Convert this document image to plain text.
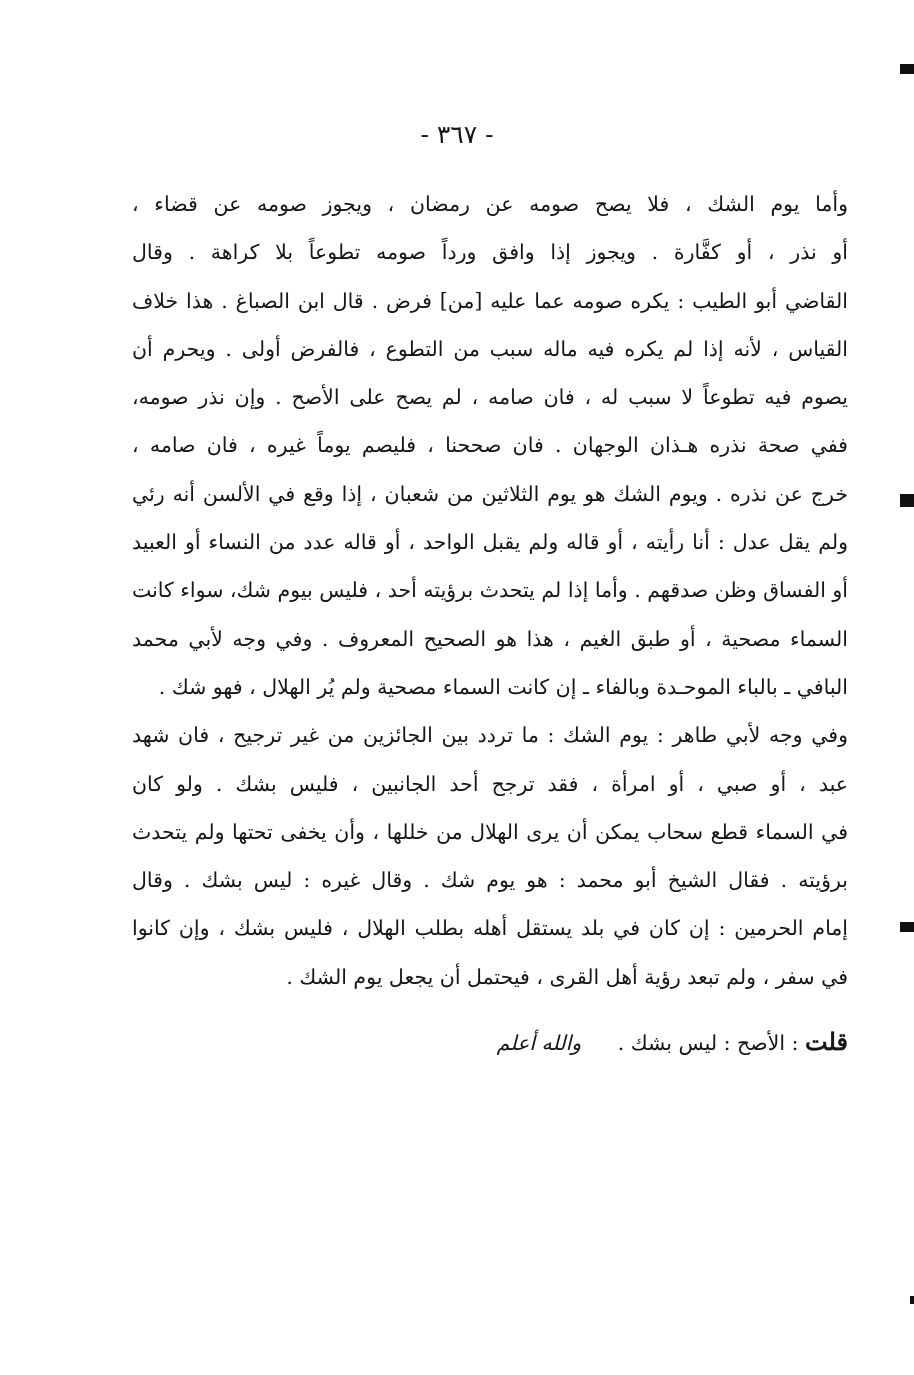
- ٣٦٧ -
وأما يوم الشك ، فلا يصح صومه عن رمضان ، ويجوز صومه عن قضاء ،
أو نذر ، أو كفَّارة . ويجوز إذا وافق ورداً صومه تطوعاً بلا كراهة . وقال
القاضي أبو الطيب : يكره صومه عما عليه [من] فرض . قال ابن الصباغ . هذا خلاف
القياس ، لأنه إذا لم يكره فيه ماله سبب من التطوع ، فالفرض أولى . ويحرم أن
يصوم فيه تطوعاً لا سبب له ، فان صامه ، لم يصح على الأصح . وإن نذر صومه،
ففي صحة نذره هـذان الوجهان . فان صححنا ، فليصم يوماً غيره ، فان صامه ،
خرج عن نذره . ويوم الشك هو يوم الثلاثين من شعبان ، إذا وقع في الألسن أنه رئي
ولم يقل عدل : أنا رأيته ، أو قاله ولم يقبل الواحد ، أو قاله عدد من النساء أو العبيد
أو الفساق وظن صدقهم . وأما إذا لم يتحدث برؤيته أحد ، فليس بيوم شك، سواء كانت
السماء مصحية ، أو طبق الغيم ، هذا هو الصحيح المعروف . وفي وجه لأبي محمد
البافي ـ بالباء الموحـدة وبالفاء ـ إن كانت السماء مصحية ولم يُر الهلال ، فهو شك .
وفي وجه لأبي طاهر : يوم الشك : ما تردد بين الجائزين من غير ترجيح ، فان شهد
عبد ، أو صبي ، أو امرأة ، فقد ترجح أحد الجانبين ، فليس بشك . ولو كان
في السماء قطع سحاب يمكن أن يرى الهلال من خللها ، وأن يخفى تحتها ولم يتحدث
برؤيته . فقال الشيخ أبو محمد : هو يوم شك . وقال غيره : ليس بشك . وقال
إمام الحرمين : إن كان في بلد يستقل أهله بطلب الهلال ، فليس بشك ، وإن كانوا
في سفر ، ولم تبعد رؤية أهل القرى ، فيحتمل أن يجعل يوم الشك .
قلت : الأصح : ليس بشك . والله أعلم
